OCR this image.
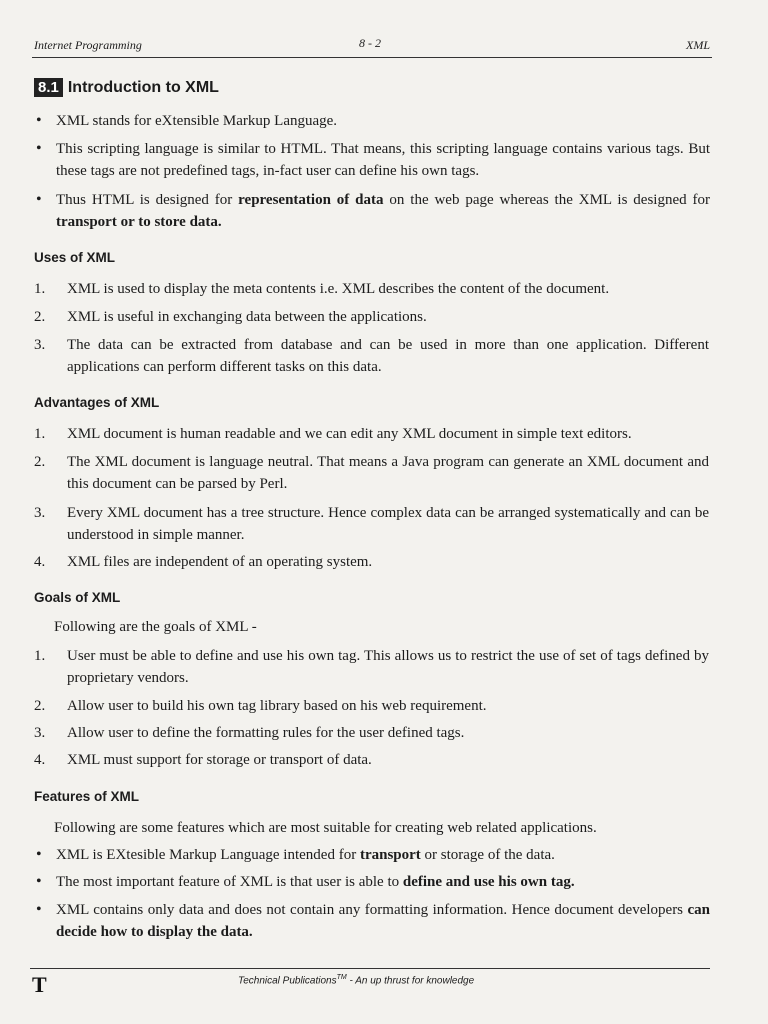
Internet Programming	8 - 2	XML
8.1 Introduction to XML
• XML stands for eXtensible Markup Language.
• This scripting language is similar to HTML. That means, this scripting language contains various tags. But these tags are not predefined tags, in-fact user can define his own tags.
• Thus HTML is designed for representation of data on the web page whereas the XML is designed for transport or to store data.
Uses of XML
1. XML is used to display the meta contents i.e. XML describes the content of the document.
2. XML is useful in exchanging data between the applications.
3. The data can be extracted from database and can be used in more than one application. Different applications can perform different tasks on this data.
Advantages of XML
1. XML document is human readable and we can edit any XML document in simple text editors.
2. The XML document is language neutral. That means a Java program can generate an XML document and this document can be parsed by Perl.
3. Every XML document has a tree structure. Hence complex data can be arranged systematically and can be understood in simple manner.
4. XML files are independent of an operating system.
Goals of XML
Following are the goals of XML -
1. User must be able to define and use his own tag. This allows us to restrict the use of set of tags defined by proprietary vendors.
2. Allow user to build his own tag library based on his web requirement.
3. Allow user to define the formatting rules for the user defined tags.
4. XML must support for storage or transport of data.
Features of XML
Following are some features which are most suitable for creating web related applications.
• XML is EXtesible Markup Language intended for transport or storage of the data.
• The most important feature of XML is that user is able to define and use his own tag.
• XML contains only data and does not contain any formatting information. Hence document developers can decide how to display the data.
T	Technical Publications™ - An up thrust for knowledge
